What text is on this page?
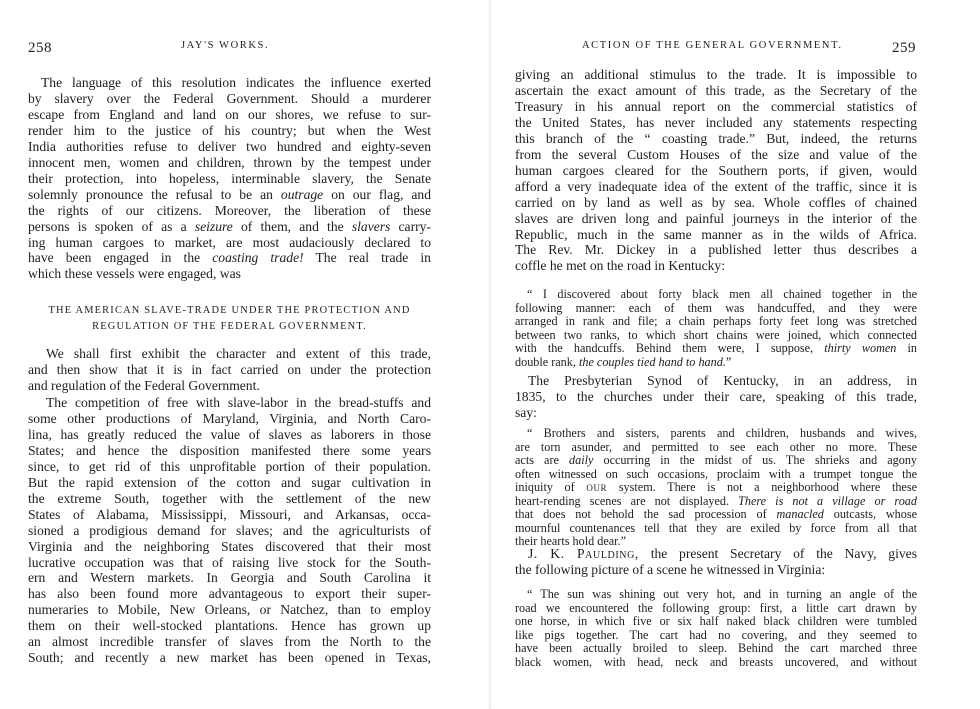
258	JAY'S WORKS.
The language of this resolution indicates the influence exerted
by slavery over the Federal Government. Should a murderer
escape from England and land on our shores, we refuse to sur-
render him to the justice of his country; but when the West
India authorities refuse to deliver two hundred and eighty-seven
innocent men, women and children, thrown by the tempest under
their protection, into hopeless, interminable slavery, the Senate
solemnly pronounce the refusal to be an outrage on our flag, and
the rights of our citizens. Moreover, the liberation of these
persons is spoken of as a seizure of them, and the slavers carry-
ing human cargoes to market, are most audaciously declared to
have been engaged in the coasting trade! The real trade in
which these vessels were engaged, was
THE AMERICAN SLAVE-TRADE UNDER THE PROTECTION AND
REGULATION OF THE FEDERAL GOVERNMENT.
We shall first exhibit the character and extent of this trade,
and then show that it is in fact carried on under the protection
and regulation of the Federal Government.
The competition of free with slave-labor in the bread-stuffs and
some other productions of Maryland, Virginia, and North Caro-
lina, has greatly reduced the value of slaves as laborers in those
States; and hence the disposition manifested there some years
since, to get rid of this unprofitable portion of their population.
But the rapid extension of the cotton and sugar cultivation in
the extreme South, together with the settlement of the new
States of Alabama, Mississippi, Missouri, and Arkansas, occa-
sioned a prodigious demand for slaves; and the agriculturists of
Virginia and the neighboring States discovered that their most
lucrative occupation was that of raising live stock for the South-
ern and Western markets. In Georgia and South Carolina it
has also been found more advantageous to export their super-
numeraries to Mobile, New Orleans, or Natchez, than to employ
them on their well-stocked plantations. Hence has grown up
an almost incredible transfer of slaves from the North to the
South; and recently a new market has been opened in Texas,
ACTION OF THE GENERAL GOVERNMENT.	259
giving an additional stimulus to the trade. It is impossible to
ascertain the exact amount of this trade, as the Secretary of the
Treasury in his annual report on the commercial statistics of
the United States, has never included any statements respecting
this branch of the “ coasting trade.” But, indeed, the returns
from the several Custom Houses of the size and value of the
human cargoes cleared for the Southern ports, if given, would
afford a very inadequate idea of the extent of the traffic, since it is
carried on by land as well as by sea. Whole coffles of chained
slaves are driven long and painful journeys in the interior of the
Republic, much in the same manner as in the wilds of Africa.
The Rev. Mr. Dickey in a published letter thus describes a
coffle he met on the road in Kentucky:
“ I discovered about forty black men all chained together in the
following manner: each of them was handcuffed, and they were
arranged in rank and file; a chain perhaps forty feet long was stretched
between two ranks, to which short chains were joined, which connected
with the handcuffs. Behind them were, I suppose, thirty women in
double rank, the couples tied hand to hand.”
The Presbyterian Synod of Kentucky, in an address, in
1835, to the churches under their care, speaking of this trade,
say:
“ Brothers and sisters, parents and children, husbands and wives,
are torn asunder, and permitted to see each other no more. These
acts are daily occurring in the midst of us. The shrieks and agony
often witnessed on such occasions, proclaim with a trumpet tongue the
iniquity of our system. There is not a neighborhood where these
heart-rending scenes are not displayed. There is not a village or road
that does not behold the sad procession of manacled outcasts, whose
mournful countenances tell that they are exiled by force from all that
their hearts hold dear.”
J. K. Paulding, the present Secretary of the Navy, gives
the following picture of a scene he witnessed in Virginia:
“ The sun was shining out very hot, and in turning an angle of the
road we encountered the following group: first, a little cart drawn by
one horse, in which five or six half naked black children were tumbled
like pigs together. The cart had no covering, and they seemed to
have been actually broiled to sleep. Behind the cart marched three
black women, with head, neck and breasts uncovered, and without
